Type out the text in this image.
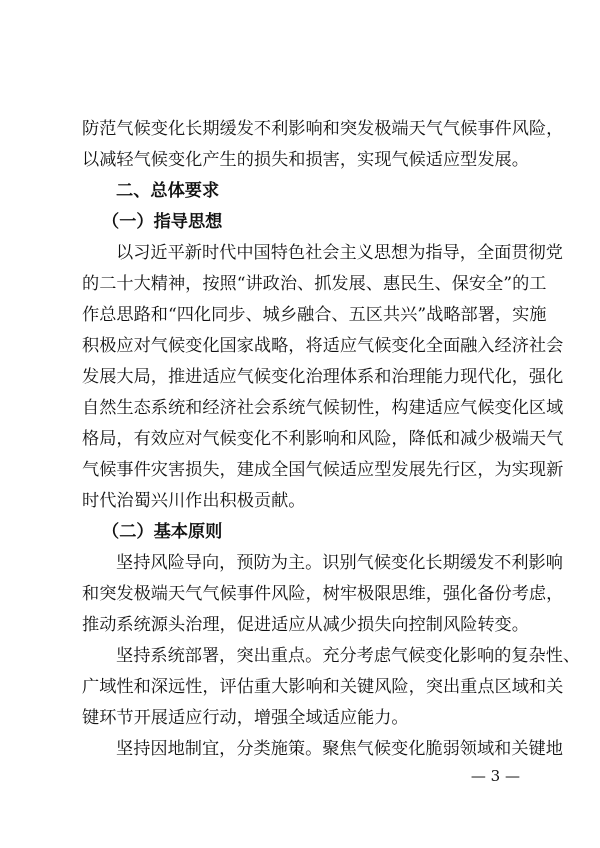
防范气候变化长期缓发不利影响和突发极端天气气候事件风险，
以减轻气候变化产生的损失和损害，实现气候适应型发展。
二、总体要求
（一）指导思想
以习近平新时代中国特色社会主义思想为指导，全面贯彻党
的二十大精神，按照“讲政治、抓发展、惠民生、保安全”的工
作总思路和“四化同步、城乡融合、五区共兴”战略部署，实施
积极应对气候变化国家战略，将适应气候变化全面融入经济社会
发展大局，推进适应气候变化治理体系和治理能力现代化，强化
自然生态系统和经济社会系统气候韧性，构建适应气候变化区域
格局，有效应对气候变化不利影响和风险，降低和减少极端天气
气候事件灾害损失，建成全国气候适应型发展先行区，为实现新
时代治蜀兴川作出积极贡献。
（二）基本原则
坚持风险导向，预防为主。识别气候变化长期缓发不利影响
和突发极端天气气候事件风险，树牢极限思维，强化备份考虑，
推动系统源头治理，促进适应从减少损失向控制风险转变。
坚持系统部署，突出重点。充分考虑气候变化影响的复杂性、
广域性和深远性，评估重大影响和关键风险，突出重点区域和关
键环节开展适应行动，增强全域适应能力。
坚持因地制宜，分类施策。聚焦气候变化脆弱领域和关键地
— 3 —
